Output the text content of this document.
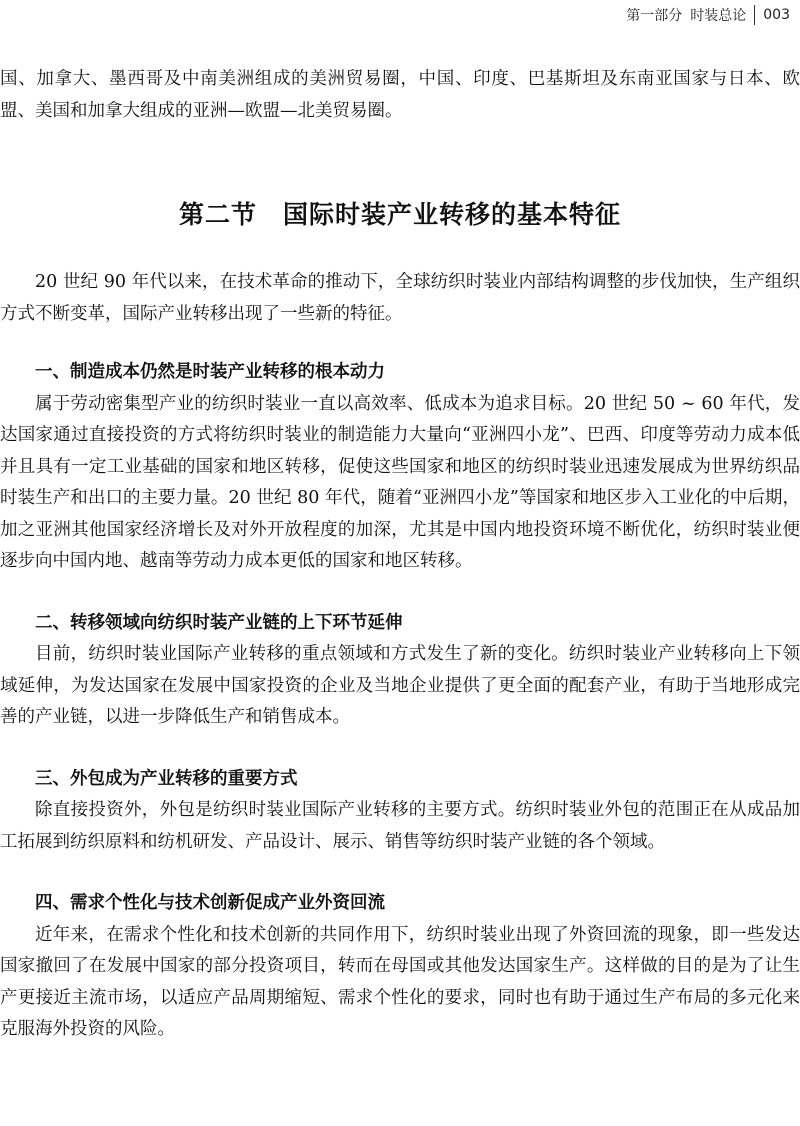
第一部分 时装总论 003

国、加拿大、墨西哥及中南美洲组成的美洲贸易圈，中国、印度、巴基斯坦及东南亚国家与日本、欧盟、美国和加拿大组成的亚洲—欧盟—北美贸易圈。

第二节　国际时装产业转移的基本特征

20 世纪 90 年代以来，在技术革命的推动下，全球纺织时装业内部结构调整的步伐加快，生产组织方式不断变革，国际产业转移出现了一些新的特征。

一、制造成本仍然是时装产业转移的根本动力

属于劳动密集型产业的纺织时装业一直以高效率、低成本为追求目标。20 世纪 50 ~ 60 年代，发达国家通过直接投资的方式将纺织时装业的制造能力大量向“亚洲四小龙”、巴西、印度等劳动力成本低并且具有一定工业基础的国家和地区转移，促使这些国家和地区的纺织时装业迅速发展成为世界纺织品时装生产和出口的主要力量。20 世纪 80 年代，随着“亚洲四小龙”等国家和地区步入工业化的中后期，加之亚洲其他国家经济增长及对外开放程度的加深，尤其是中国内地投资环境不断优化，纺织时装业便逐步向中国内地、越南等劳动力成本更低的国家和地区转移。

二、转移领域向纺织时装产业链的上下环节延伸

目前，纺织时装业国际产业转移的重点领域和方式发生了新的变化。纺织时装业产业转移向上下领域延伸，为发达国家在发展中国家投资的企业及当地企业提供了更全面的配套产业，有助于当地形成完善的产业链，以进一步降低生产和销售成本。

三、外包成为产业转移的重要方式

除直接投资外，外包是纺织时装业国际产业转移的主要方式。纺织时装业外包的范围正在从成品加工拓展到纺织原料和纺机研发、产品设计、展示、销售等纺织时装产业链的各个领域。

四、需求个性化与技术创新促成产业外资回流

近年来，在需求个性化和技术创新的共同作用下，纺织时装业出现了外资回流的现象，即一些发达国家撤回了在发展中国家的部分投资项目，转而在母国或其他发达国家生产。这样做的目的是为了让生产更接近主流市场，以适应产品周期缩短、需求个性化的要求，同时也有助于通过生产布局的多元化来克服海外投资的风险。
